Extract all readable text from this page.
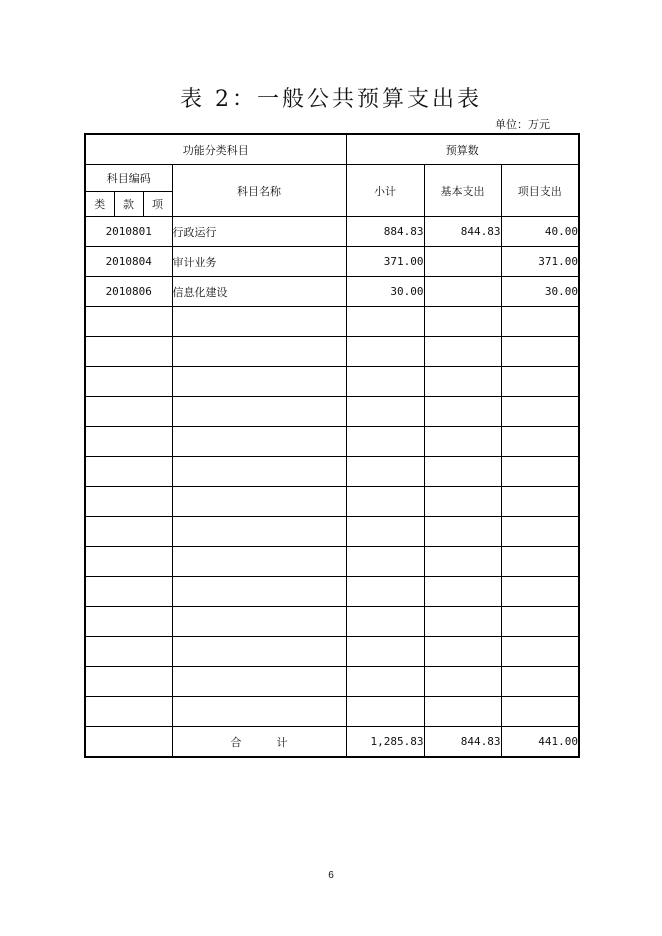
表 2：一般公共预算支出表
单位：万元
功能分类科目				预算数		
科目编码			科目名称	小计	基本支出	项目支出
类	款	项				
2010801			行政运行	884.83	844.83	40.00
2010804			审计业务	371.00		371.00
2010806			信息化建设	30.00		30.00

			合 计	1,285.83	844.83	441.00
6
